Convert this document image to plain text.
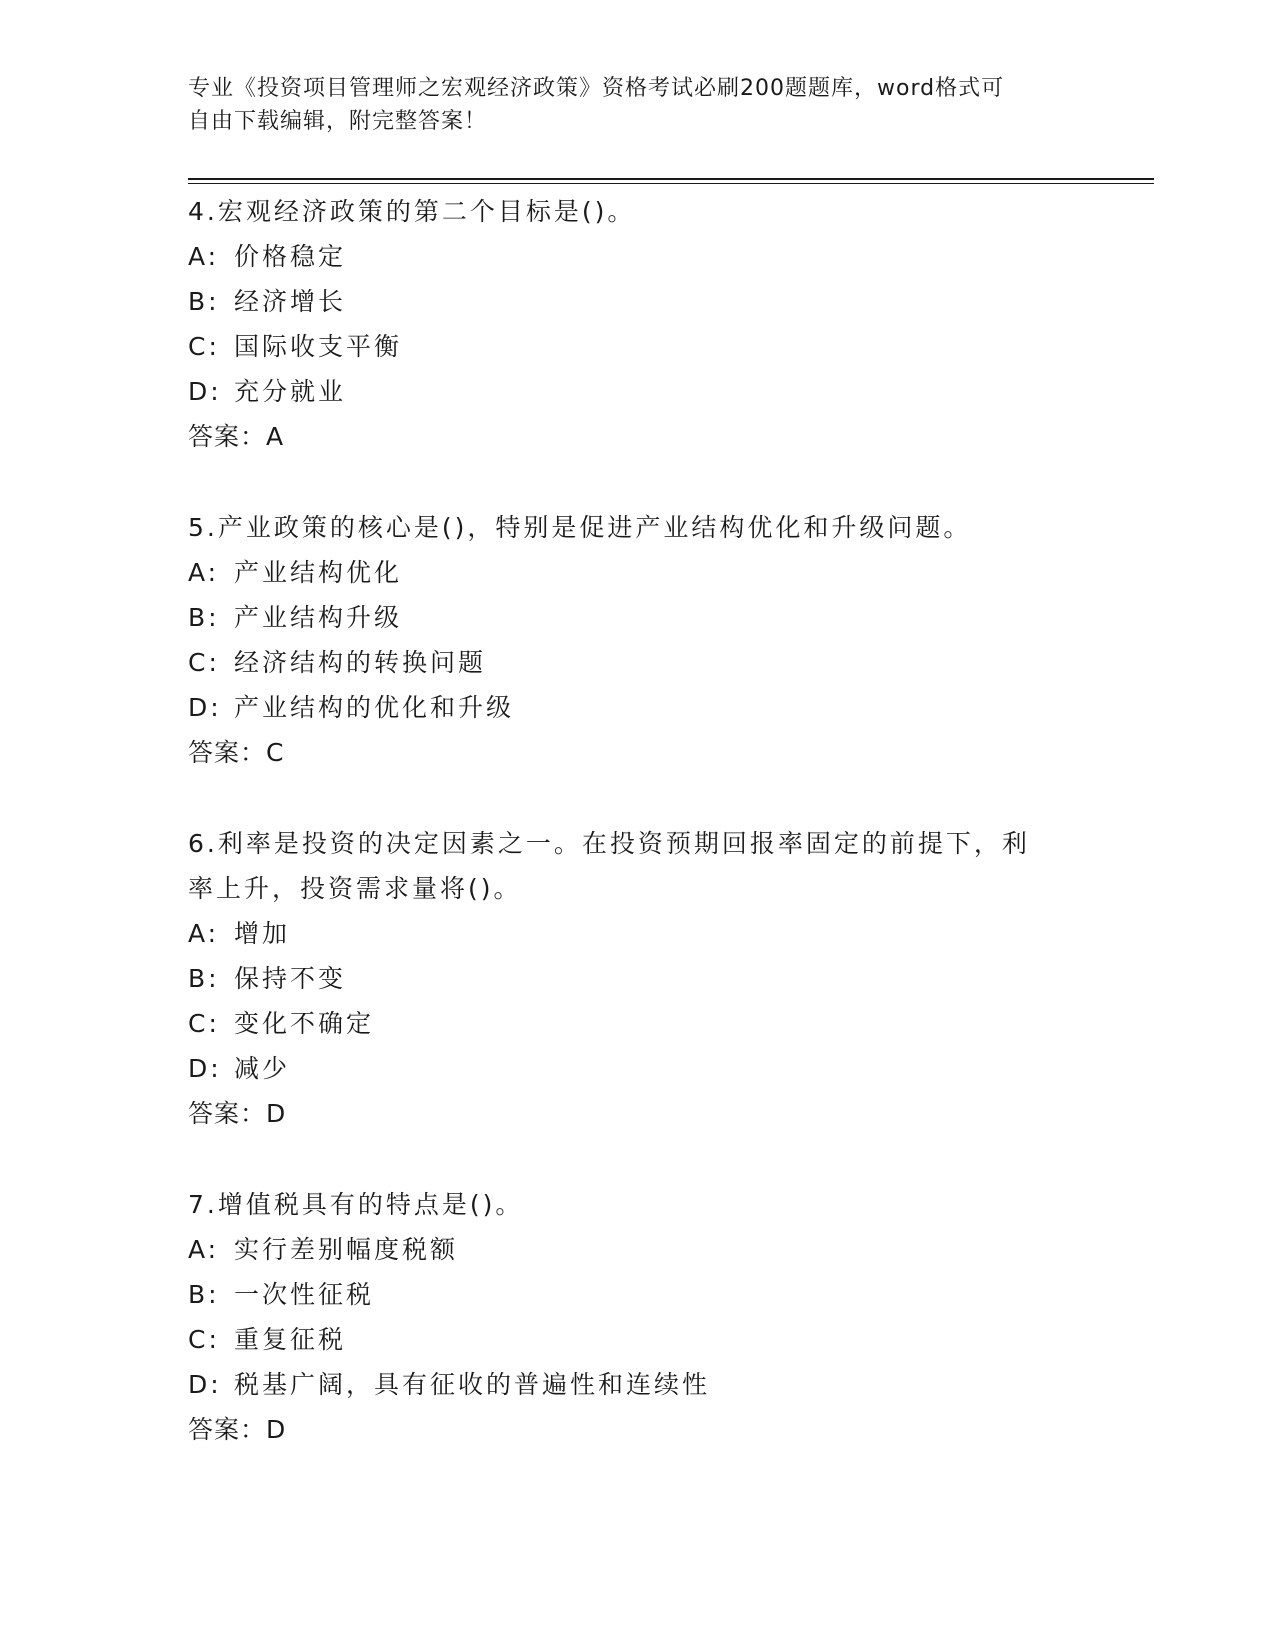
专业《投资项目管理师之宏观经济政策》资格考试必刷200题题库，word格式可
自由下载编辑，附完整答案！
4.宏观经济政策的第二个目标是()。
A: 价格稳定
B: 经济增长
C: 国际收支平衡
D: 充分就业
答案：A
5.产业政策的核心是()，特别是促进产业结构优化和升级问题。
A: 产业结构优化
B: 产业结构升级
C: 经济结构的转换问题
D: 产业结构的优化和升级
答案：C
6.利率是投资的决定因素之一。在投资预期回报率固定的前提下，利
率上升，投资需求量将()。
A: 增加
B: 保持不变
C: 变化不确定
D: 减少
答案：D
7.增值税具有的特点是()。
A: 实行差别幅度税额
B: 一次性征税
C: 重复征税
D: 税基广阔，具有征收的普遍性和连续性
答案：D
